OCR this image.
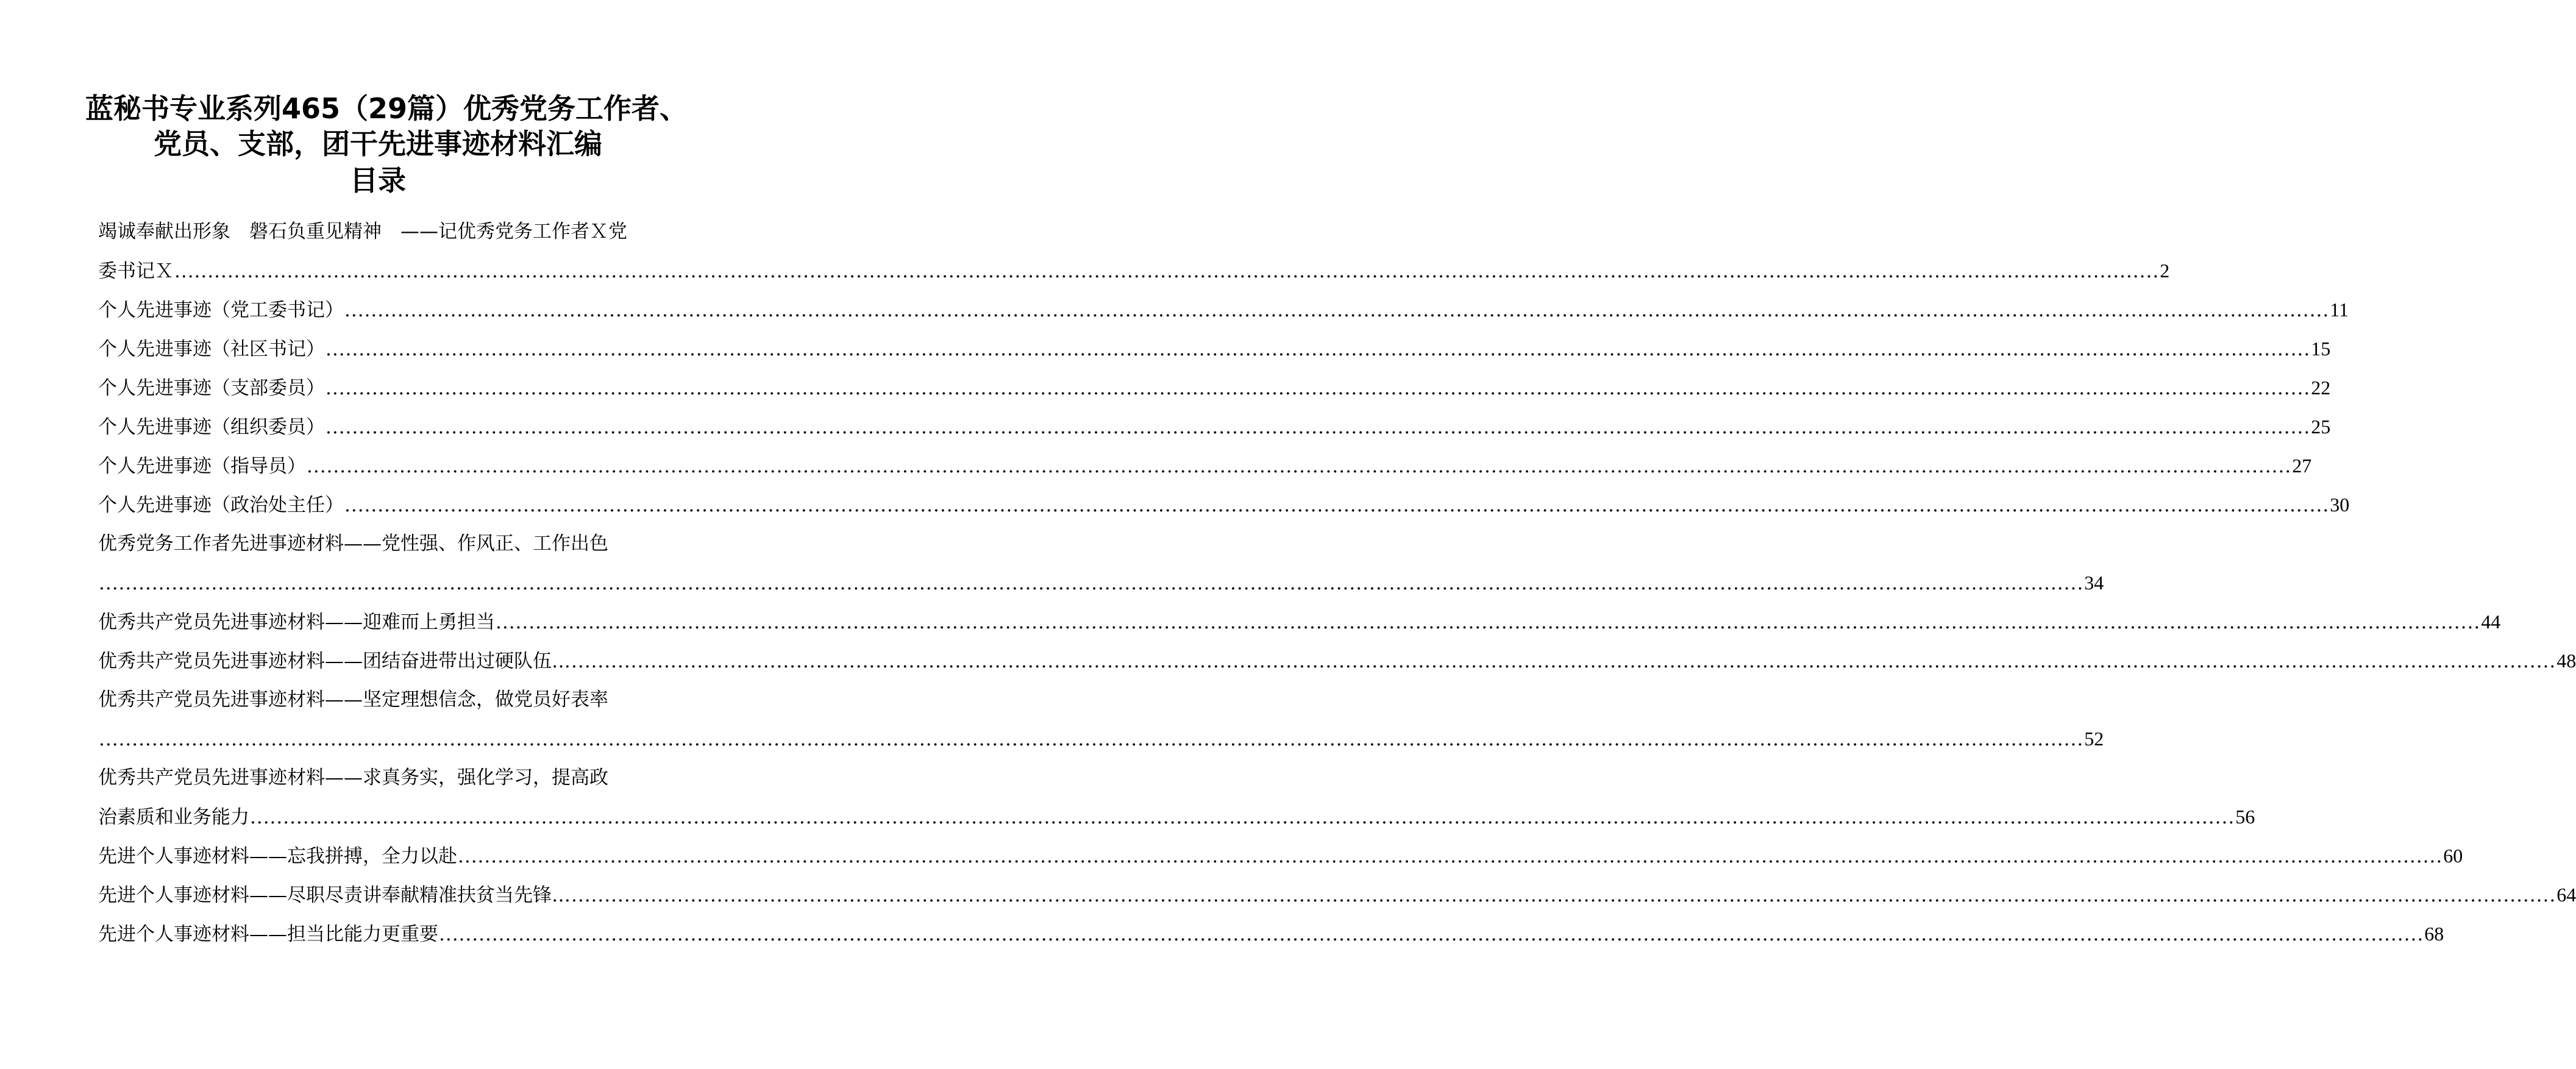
蓝秘书专业系列465（29篇）优秀党务工作者、
党员、支部，团干先进事迹材料汇编
目录
竭诚奉献出形象　磐石负重见精神　——记优秀党务工作者Ｘ党
委书记Ｘ ............................................................................................................................................................................................................................................................................................................ 2
个人先进事迹（党工委书记） ............................................................................................................................................................................................................................................................................................................ 11
个人先进事迹（社区书记） ............................................................................................................................................................................................................................................................................................................ 15
个人先进事迹（支部委员） ............................................................................................................................................................................................................................................................................................................ 22
个人先进事迹（组织委员） ............................................................................................................................................................................................................................................................................................................ 25
个人先进事迹（指导员） ............................................................................................................................................................................................................................................................................................................ 27
个人先进事迹（政治处主任） ............................................................................................................................................................................................................................................................................................................ 30
优秀党务工作者先进事迹材料——党性强、作风正、工作出色
............................................................................................................................................................................................................................................................................................................ 34
优秀共产党员先进事迹材料——迎难而上勇担当 ............................................................................................................................................................................................................................................................................................................ 44
优秀共产党员先进事迹材料——团结奋进带出过硬队伍… ............................................................................................................................................................................................................................................................................................................ 48
优秀共产党员先进事迹材料——坚定理想信念，做党员好表率
............................................................................................................................................................................................................................................................................................................ 52
优秀共产党员先进事迹材料——求真务实，强化学习，提高政
治素质和业务能力 ............................................................................................................................................................................................................................................................................................................ 56
先进个人事迹材料——忘我拼搏，全力以赴 ............................................................................................................................................................................................................................................................................................................ 60
先进个人事迹材料——尽职尽责讲奉献精准扶贫当先锋… ............................................................................................................................................................................................................................................................................................................ 64
先进个人事迹材料——担当比能力更重要 ............................................................................................................................................................................................................................................................................................................ 68
